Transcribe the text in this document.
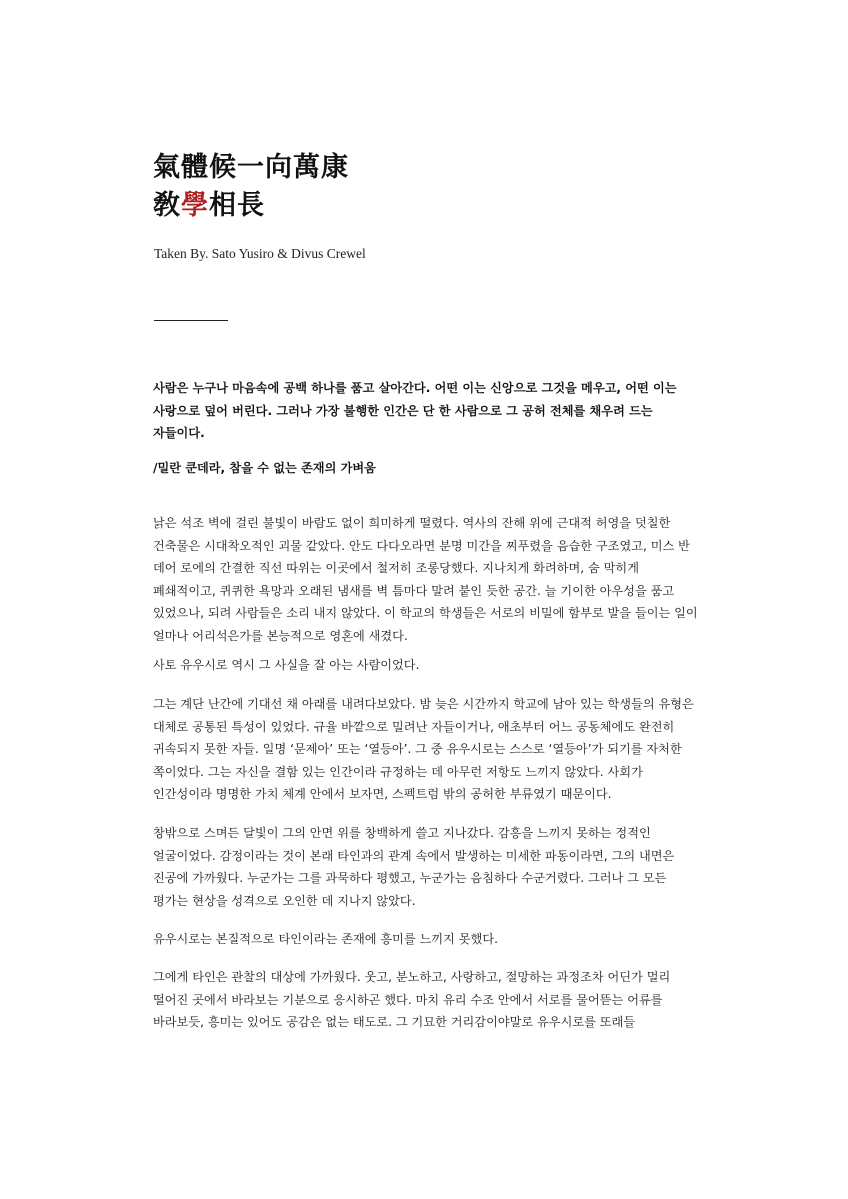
氣體候一向萬康
敎學相長
Taken By. Sato Yusiro & Divus Crewel

사람은 누구나 마음속에 공백 하나를 품고 살아간다. 어떤 이는 신앙으로 그것을 메우고, 어떤 이는 사랑으로 덮어 버린다. 그러나 가장 불행한 인간은 단 한 사람으로 그 공허 전체를 채우려 드는 자들이다.

/밀란 쿤데라, 참을 수 없는 존재의 가벼움

낡은 석조 벽에 걸린 불빛이 바람도 없이 희미하게 떨렸다. 역사의 잔해 위에 근대적 허영을 덧칠한 건축물은 시대착오적인 괴물 같았다. 안도 다다오라면 분명 미간을 찌푸렸을 음습한 구조였고, 미스 반 데어 로에의 간결한 직선 따위는 이곳에서 철저히 조롱당했다. 지나치게 화려하며, 숨 막히게 폐쇄적이고, 퀴퀴한 욕망과 오래된 냄새를 벽 틈마다 말려 붙인 듯한 공간. 늘 기이한 아우성을 품고 있었으나, 되려 사람들은 소리 내지 않았다. 이 학교의 학생들은 서로의 비밀에 함부로 발을 들이는 일이 얼마나 어리석은가를 본능적으로 영혼에 새겼다.

사토 유우시로 역시 그 사실을 잘 아는 사람이었다.

그는 계단 난간에 기대선 채 아래를 내려다보았다. 밤 늦은 시간까지 학교에 남아 있는 학생들의 유형은 대체로 공통된 특성이 있었다. 규율 바깥으로 밀려난 자들이거나, 애초부터 어느 공동체에도 완전히 귀속되지 못한 자들. 일명 ‘문제아’ 또는 ‘열등아’. 그 중 유우시로는 스스로 ‘열등아’가 되기를 자처한 쪽이었다. 그는 자신을 결함 있는 인간이라 규정하는 데 아무런 저항도 느끼지 않았다. 사회가 인간성이라 명명한 가치 체계 안에서 보자면, 스펙트럼 밖의 공허한 부류였기 때문이다.

창밖으로 스며든 달빛이 그의 안면 위를 창백하게 쓸고 지나갔다. 감흥을 느끼지 못하는 정적인 얼굴이었다. 감정이라는 것이 본래 타인과의 관계 속에서 발생하는 미세한 파동이라면, 그의 내면은 진공에 가까웠다. 누군가는 그를 과묵하다 평했고, 누군가는 음침하다 수군거렸다. 그러나 그 모든 평가는 현상을 성격으로 오인한 데 지나지 않았다.

유우시로는 본질적으로 타인이라는 존재에 흥미를 느끼지 못했다.

그에게 타인은 관찰의 대상에 가까웠다. 웃고, 분노하고, 사랑하고, 절망하는 과정조차 어딘가 멀리 떨어진 곳에서 바라보는 기분으로 응시하곤 했다. 마치 유리 수조 안에서 서로를 물어뜯는 어류를 바라보듯, 흥미는 있어도 공감은 없는 태도로. 그 기묘한 거리감이야말로 유우시로를 또래들
